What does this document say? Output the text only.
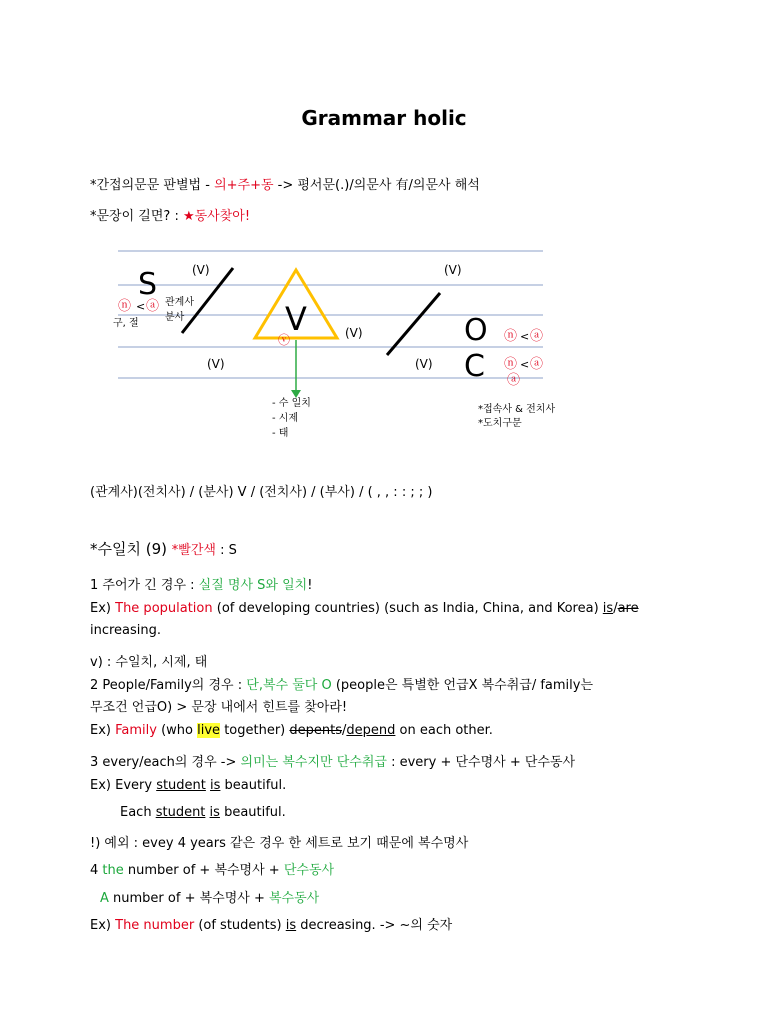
Grammar holic
*간접의문문 판별법 - 의+주+동 -> 평서문(.)/의문사 有/의문사 해석
*문장이 길면? : ★동사찾아!
V
S
O
C
(V)	(V)
(V)
(V)	(V)
ⓝ < ⓐ 관계사
분사
구, 절
ⓥ	ⓝ < ⓐ
ⓝ < ⓐ
ⓐ
- 수 일치
- 시제
- 태
*접속사 & 전치사
*도치구문
(관계사)(전치사) / (분사) V / (전치사) / (부사) / ( , , : : ; ; )
*수일치 (9) *빨간색 : S
1 주어가 긴 경우 : 실질 명사 S와 일치!
Ex) The population (of developing countries) (such as India, China, and Korea) is/are
increasing.
v) : 수일치, 시제, 태
2 People/Family의 경우 : 단,복수 둘다 O (people은 특별한 언급X 복수취급/ family는
무조건 언급O) > 문장 내에서 힌트를 찾아라!
Ex) Family (who live together) depents/depend on each other.
3 every/each의 경우 -> 의미는 복수지만 단수취급 : every + 단수명사 + 단수동사
Ex) Every student is beautiful.
Each student is beautiful.
!) 예외 : evey 4 years 같은 경우 한 세트로 보기 때문에 복수명사
4 the number of + 복수명사 + 단수동사
A number of + 복수명사 + 복수동사
Ex) The number (of students) is decreasing. -> ~의 숫자
